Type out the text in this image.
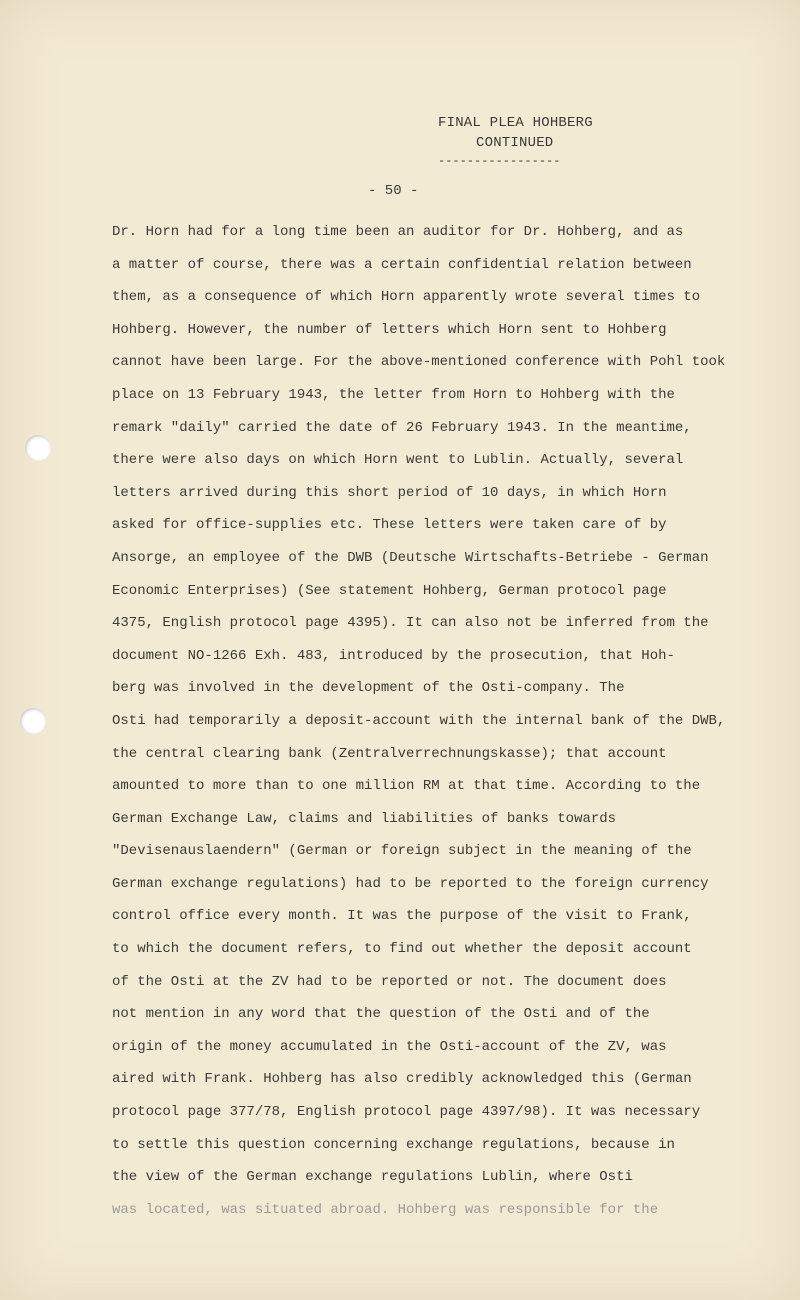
FINAL PLEA HOHBERG
CONTINUED
-----------------
- 50 -
Dr. Horn had for a long time been an auditor for Dr. Hohberg, and as
a matter of course, there was a certain confidential relation between
them, as a consequence of which Horn apparently wrote several times to
Hohberg. However, the number of letters which Horn sent to Hohberg
cannot have been large. For the above-mentioned conference with Pohl took
place on 13 February 1943, the letter from Horn to Hohberg with the
remark "daily" carried the date of 26 February 1943. In the meantime,
there were also days on which Horn went to Lublin. Actually, several
letters arrived during this short period of 10 days, in which Horn
asked for office-supplies etc. These letters were taken care of by
Ansorge, an employee of the DWB (Deutsche Wirtschafts-Betriebe - German
Economic Enterprises) (See statement Hohberg, German protocol page
4375, English protocol page 4395). It can also not be inferred from the
document NO-1266 Exh. 483, introduced by the prosecution, that Hoh-
berg was involved in the development of the Osti-company. The
Osti had temporarily a deposit-account with the internal bank of the DWB,
the central clearing bank (Zentralverrechnungskasse); that account
amounted to more than to one million RM at that time. According to the
German Exchange Law, claims and liabilities of banks towards
"Devisenauslaendern" (German or foreign subject in the meaning of the
German exchange regulations) had to be reported to the foreign currency
control office every month. It was the purpose of the visit to Frank,
to which the document refers, to find out whether the deposit account
of the Osti at the ZV had to be reported or not. The document does
not mention in any word that the question of the Osti and of the
origin of the money accumulated in the Osti-account of the ZV, was
aired with Frank. Hohberg has also credibly acknowledged this (German
protocol page 377/78, English protocol page 4397/98). It was necessary
to settle this question concerning exchange regulations, because in
the view of the German exchange regulations Lublin, where Osti
was located, was situated abroad. Hohberg was responsible for the
